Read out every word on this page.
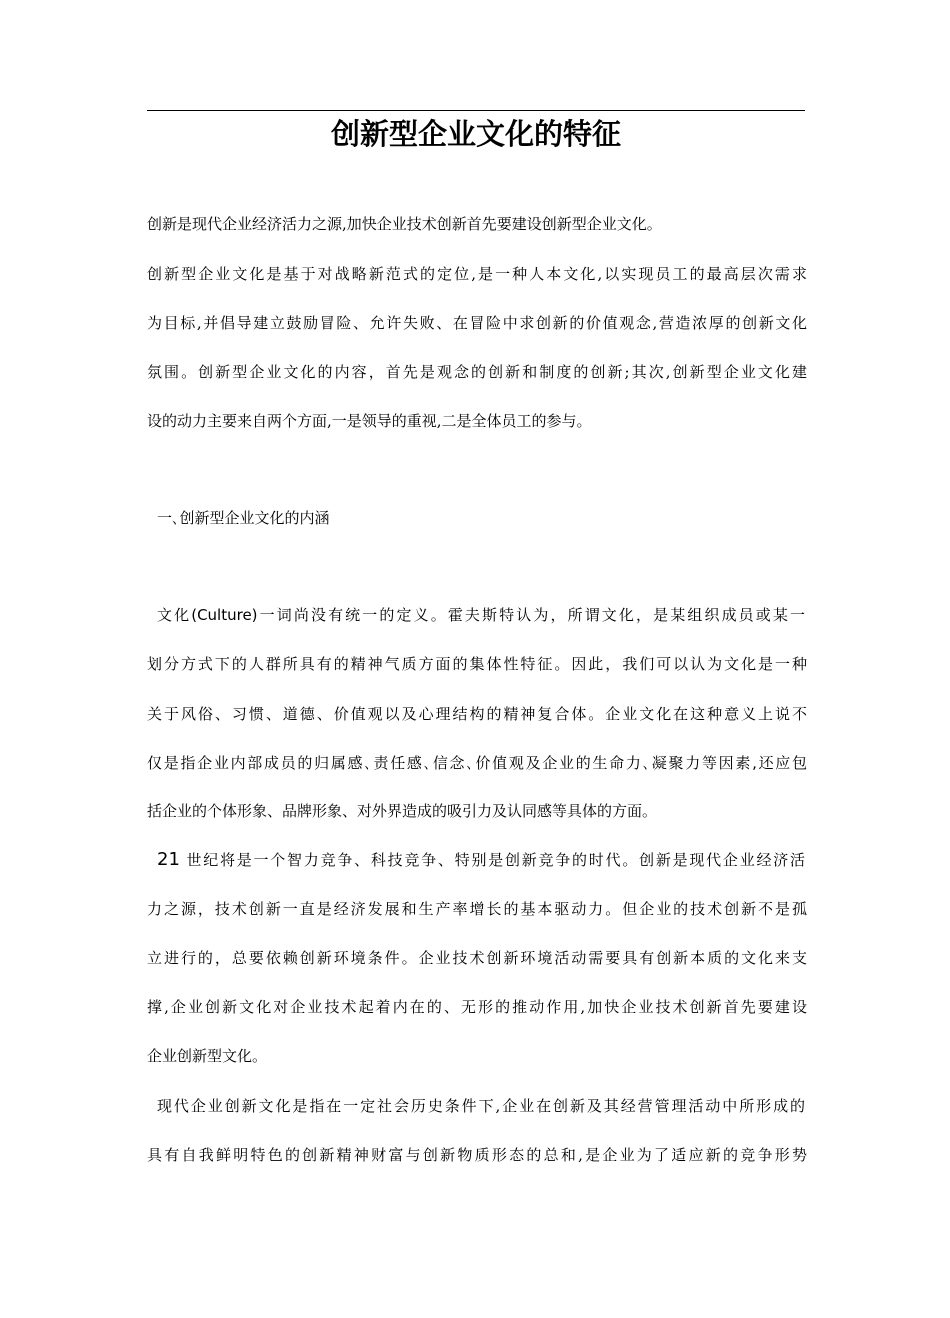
创新型企业文化的特征
创新是现代企业经济活力之源,加快企业技术创新首先要建设创新型企业文化。
创新型企业文化是基于对战略新范式的定位,是一种人本文化,以实现员工的最高层次需求
为目标,并倡导建立鼓励冒险、允许失败、在冒险中求创新的价值观念,营造浓厚的创新文化
氛围。创新型企业文化的内容，首先是观念的创新和制度的创新;其次,创新型企业文化建
设的动力主要来自两个方面,一是领导的重视,二是全体员工的参与。
一､创新型企业文化的内涵
文化(Culture)一词尚没有统一的定义。霍夫斯特认为，所谓文化，是某组织成员或某一
划分方式下的人群所具有的精神气质方面的集体性特征。因此，我们可以认为文化是一种
关于风俗、习惯、道德、价值观以及心理结构的精神复合体。企业文化在这种意义上说不
仅是指企业内部成员的归属感､责任感､信念､价值观及企业的生命力､凝聚力等因素,还应包
括企业的个体形象、品牌形象、对外界造成的吸引力及认同感等具体的方面。
21 世纪将是一个智力竞争、科技竞争、特别是创新竞争的时代。创新是现代企业经济活
力之源，技术创新一直是经济发展和生产率增长的基本驱动力。但企业的技术创新不是孤
立进行的，总要依赖创新环境条件。企业技术创新环境活动需要具有创新本质的文化来支
撑,企业创新文化对企业技术起着内在的、无形的推动作用,加快企业技术创新首先要建设
企业创新型文化。
现代企业创新文化是指在一定社会历史条件下,企业在创新及其经营管理活动中所形成的
具有自我鲜明特色的创新精神财富与创新物质形态的总和,是企业为了适应新的竞争形势
